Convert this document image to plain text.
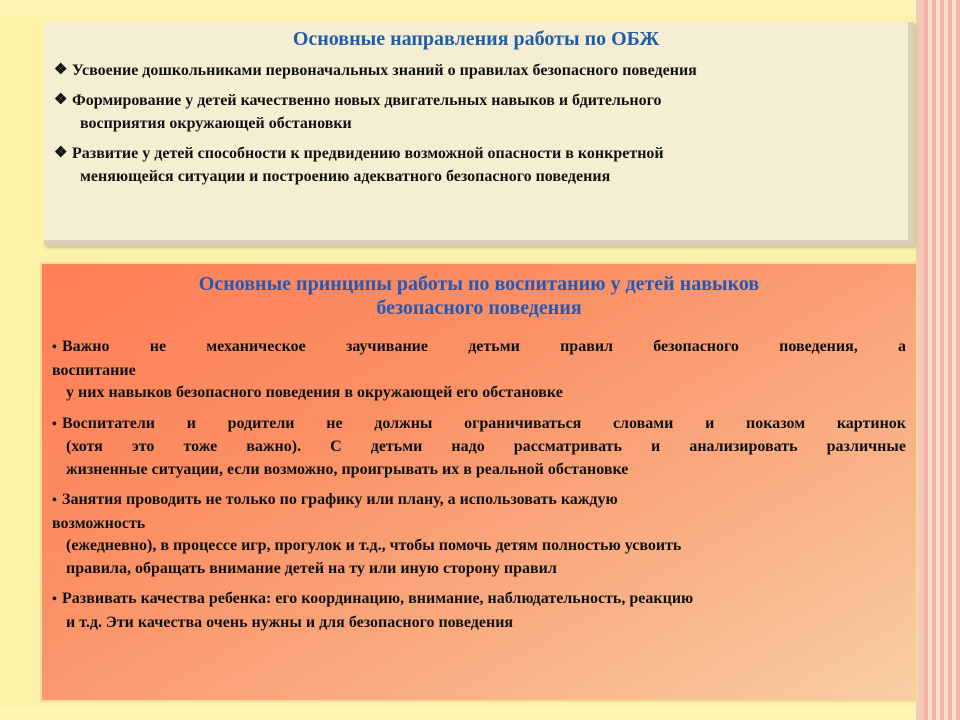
Основные направления работы по ОБЖ
❖ Усвоение дошкольниками первоначальных знаний о правилах безопасного поведения
❖ Формирование у детей качественно новых двигательных навыков и бдительного
восприятия окружающей обстановки
❖ Развитие у детей способности к предвидению возможной опасности в конкретной
меняющейся ситуации и построению адекватного безопасного поведения
Основные принципы работы по воспитанию у детей навыков
безопасного поведения
• Важно не механическое заучивание детьми правил безопасного поведения, а
воспитание
у них навыков безопасного поведения в окружающей его обстановке
• Воспитатели и родители не должны ограничиваться словами и показом картинок
(хотя это тоже важно). С детьми надо рассматривать и анализировать различные
жизненные ситуации, если возможно, проигрывать их в реальной обстановке
• Занятия проводить не только по графику или плану, а использовать каждую
возможность
(ежедневно), в процессе игр, прогулок и т.д., чтобы помочь детям полностью усвоить
правила, обращать внимание детей на ту или иную сторону правил
• Развивать качества ребенка: его координацию, внимание, наблюдательность, реакцию
и т.д. Эти качества очень нужны и для безопасного поведения
